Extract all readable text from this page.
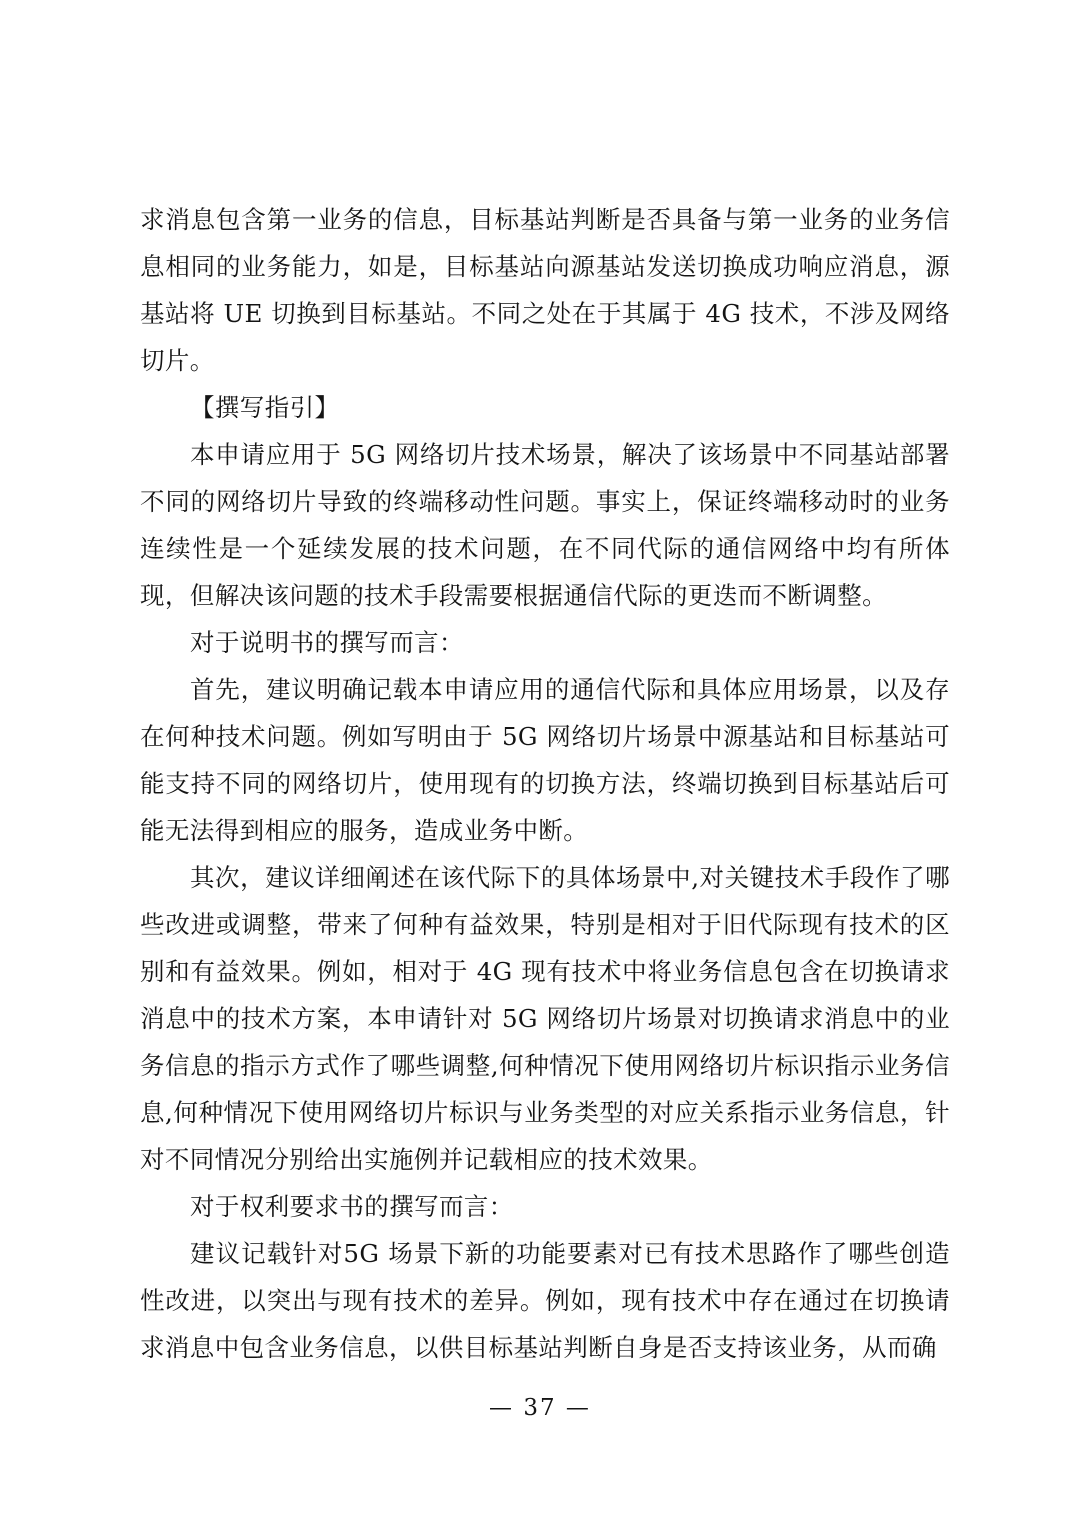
求消息包含第一业务的信息，目标基站判断是否具备与第一业务的业务信息相同的业务能力，如是，目标基站向源基站发送切换成功响应消息，源基站将 UE 切换到目标基站。不同之处在于其属于 4G 技术，不涉及网络切片。

【撰写指引】

本申请应用于 5G 网络切片技术场景，解决了该场景中不同基站部署不同的网络切片导致的终端移动性问题。事实上，保证终端移动时的业务连续性是一个延续发展的技术问题，在不同代际的通信网络中均有所体现，但解决该问题的技术手段需要根据通信代际的更迭而不断调整。

对于说明书的撰写而言：

首先，建议明确记载本申请应用的通信代际和具体应用场景，以及存在何种技术问题。例如写明由于 5G 网络切片场景中源基站和目标基站可能支持不同的网络切片，使用现有的切换方法，终端切换到目标基站后可能无法得到相应的服务，造成业务中断。

其次，建议详细阐述在该代际下的具体场景中,对关键技术手段作了哪些改进或调整，带来了何种有益效果，特别是相对于旧代际现有技术的区别和有益效果。例如，相对于 4G 现有技术中将业务信息包含在切换请求消息中的技术方案，本申请针对 5G 网络切片场景对切换请求消息中的业务信息的指示方式作了哪些调整,何种情况下使用网络切片标识指示业务信息,何种情况下使用网络切片标识与业务类型的对应关系指示业务信息，针对不同情况分别给出实施例并记载相应的技术效果。

对于权利要求书的撰写而言：

建议记载针对5G 场景下新的功能要素对已有技术思路作了哪些创造性改进，以突出与现有技术的差异。例如，现有技术中存在通过在切换请求消息中包含业务信息，以供目标基站判断自身是否支持该业务，从而确

— 37 —
